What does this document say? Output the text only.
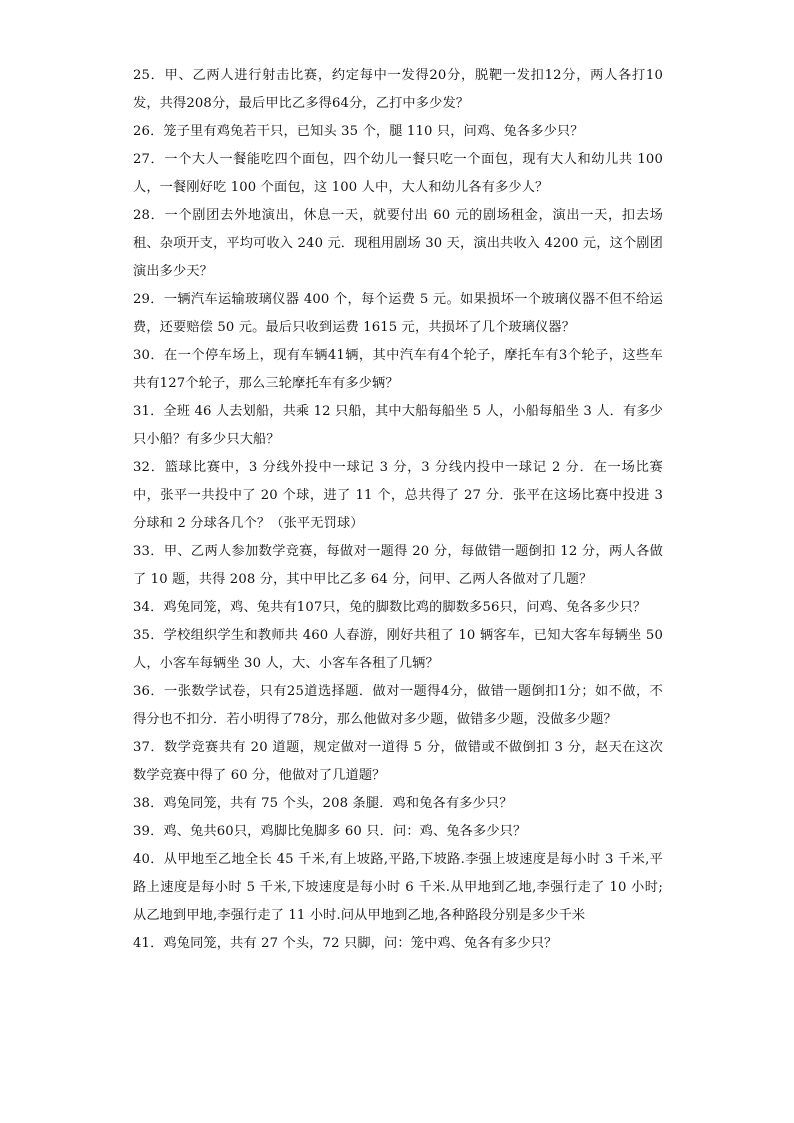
25．甲、乙两人进行射击比赛，约定每中一发得20分，脱靶一发扣12分，两人各打10发，共得208分，最后甲比乙多得64分，乙打中多少发？

26．笼子里有鸡兔若干只，已知头 35 个，腿 110 只，问鸡、兔各多少只？

27．一个大人一餐能吃四个面包，四个幼儿一餐只吃一个面包，现有大人和幼儿共 100 人，一餐刚好吃 100 个面包，这 100 人中，大人和幼儿各有多少人？

28．一个剧团去外地演出，休息一天，就要付出 60 元的剧场租金，演出一天，扣去场租、杂项开支，平均可收入 240 元．现租用剧场 30 天，演出共收入 4200 元，这个剧团演出多少天？

29．一辆汽车运输玻璃仪器 400 个，每个运费 5 元。如果损坏一个玻璃仪器不但不给运费，还要赔偿 50 元。最后只收到运费 1615 元，共损坏了几个玻璃仪器？

30．在一个停车场上，现有车辆41辆，其中汽车有4个轮子，摩托车有3个轮子，这些车共有127个轮子，那么三轮摩托车有多少辆？

31．全班 46 人去划船，共乘 12 只船，其中大船每船坐 5 人，小船每船坐 3 人．有多少只小船？有多少只大船？

32．篮球比赛中，3 分线外投中一球记 3 分，3 分线内投中一球记 2 分．在一场比赛中，张平一共投中了 20 个球，进了 11 个，总共得了 27 分．张平在这场比赛中投进 3 分球和 2 分球各几个？（张平无罚球）

33．甲、乙两人参加数学竞赛，每做对一题得 20 分，每做错一题倒扣 12 分，两人各做了 10 题，共得 208 分，其中甲比乙多 64 分，问甲、乙两人各做对了几题？

34．鸡兔同笼，鸡、兔共有107只，兔的脚数比鸡的脚数多56只，问鸡、兔各多少只？

35．学校组织学生和教师共 460 人春游，刚好共租了 10 辆客车，已知大客车每辆坐 50 人，小客车每辆坐 30 人，大、小客车各租了几辆？

36．一张数学试卷，只有25道选择题．做对一题得4分，做错一题倒扣1分；如不做，不得分也不扣分．若小明得了78分，那么他做对多少题，做错多少题，没做多少题？

37．数学竞赛共有 20 道题，规定做对一道得 5 分，做错或不做倒扣 3 分，赵天在这次数学竞赛中得了 60 分，他做对了几道题？

38．鸡兔同笼，共有 75 个头，208 条腿．鸡和兔各有多少只？

39．鸡、兔共60只，鸡脚比兔脚多 60 只．问：鸡、兔各多少只？

40．从甲地至乙地全长 45 千米,有上坡路,平路,下坡路.李强上坡速度是每小时 3 千米,平路上速度是每小时 5 千米,下坡速度是每小时 6 千米.从甲地到乙地,李强行走了 10 小时;从乙地到甲地,李强行走了 11 小时.问从甲地到乙地,各种路段分别是多少千米

41．鸡兔同笼，共有 27 个头，72 只脚，问：笼中鸡、兔各有多少只？
